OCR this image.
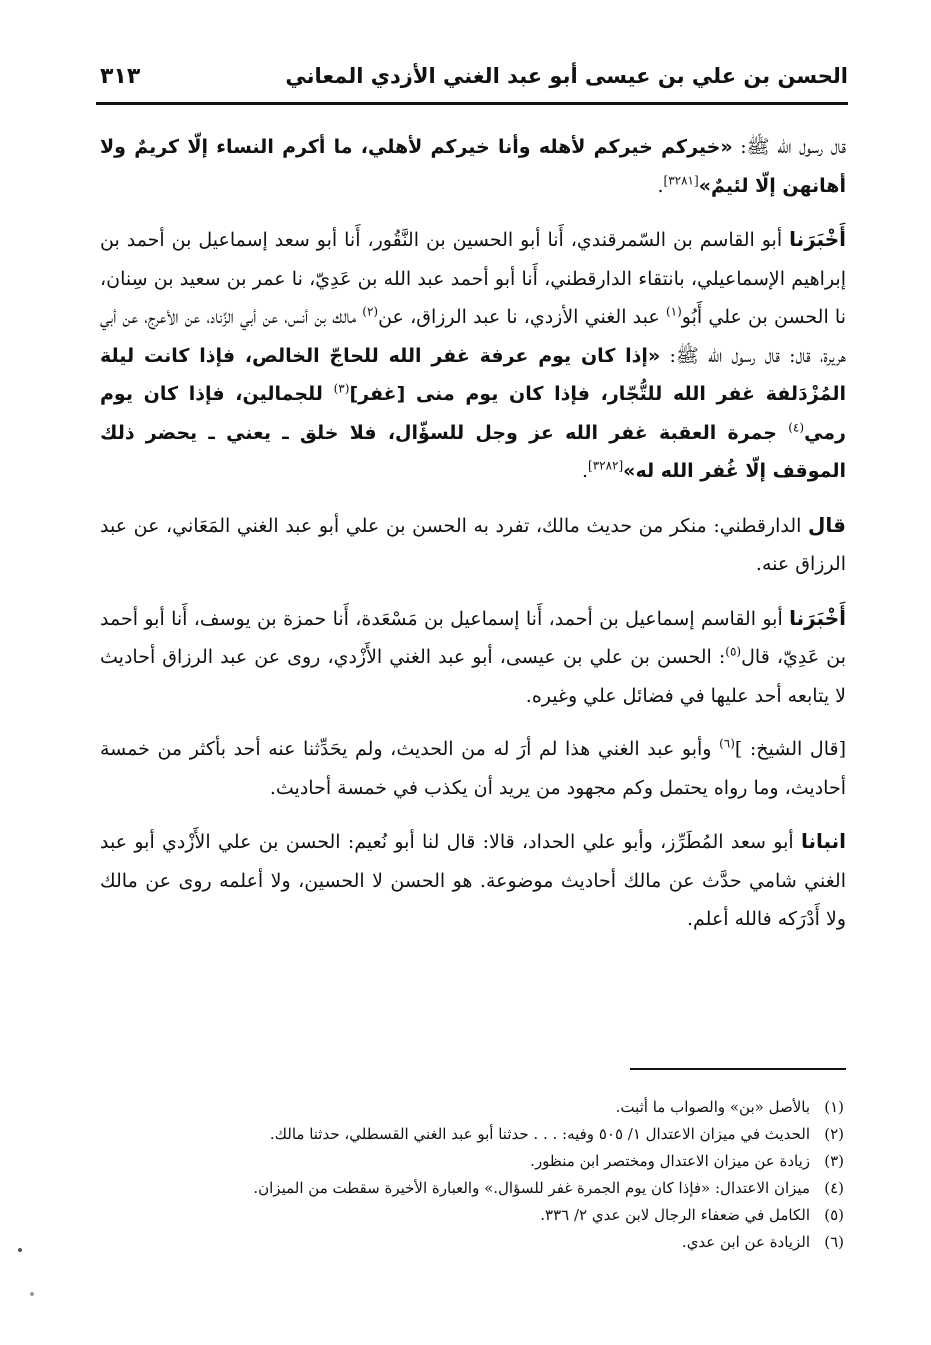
الحسن بن علي بن عيسى أبو عبد الغني الأزدي المعاني
٣١٣

قال رسول الله ﷺ: «خيركم خيركم لأهله وأنا خيركم لأهلي، ما أكرم النساء إلّا كريمٌ ولا أهانهن إلّا لئيمٌ»[٣٢٨١].

أَخْبَرَنا أبو القاسم بن السّمرقندي، أَنا أبو الحسين بن النَّقُور، أَنا أبو سعد إسماعيل بن أحمد بن إبراهيم الإسماعيلي، بانتقاء الدارقطني، أَنا أبو أحمد عبد الله بن عَدِيّ، نا عمر بن سعيد بن سِنان، نا الحسن بن علي أَبُو$^{(١)}$ عبد الغني الأزدي، نا عبد الرزاق، عن$^{(٢)}$ مالك بن أنس، عن أبي الزِّناد، عن الأعرج، عن أبي هريرة، قال: قال رسول الله ﷺ: «إذا كان يوم عرفة غفر الله للحاجّ الخالص، فإذا كانت ليلة المُزْدَلفة غفر الله للتُّجّار، فإذا كان يوم منى [غفر]$^{(٣)}$ للجمالين، فإذا كان يوم رمي$^{(٤)}$ جمرة العقبة غفر الله عز وجل للسؤّال، فلا خلق ـ يعني ـ يحضر ذلك الموقف إلّا غُفر الله له»[٣٢٨٢].

قال الدارقطني: منكر من حديث مالك، تفرد به الحسن بن علي أبو عبد الغني المَعَاني، عن عبد الرزاق عنه.

أَخْبَرَنا أبو القاسم إسماعيل بن أحمد، أَنا إسماعيل بن مَسْعَدة، أَنا حمزة بن يوسف، أَنا أبو أحمد بن عَدِيّ، قال$^{(٥)}$: الحسن بن علي بن عيسى، أبو عبد الغني الأَزْدي، روى عن عبد الرزاق أحاديث لا يتابعه أحد عليها في فضائل علي وغيره.

[قال الشيخ: ]$^{(٦)}$ وأبو عبد الغني هذا لم أرَ له من الحديث، ولم يحَدِّثنا عنه أحد بأكثر من خمسة أحاديث، وما رواه يحتمل وكم مجهود من يريد أن يكذب في خمسة أحاديث.

انبانا أبو سعد المُطَرِّز، وأبو علي الحداد، قالا: قال لنا أبو نُعيم: الحسن بن علي الأَزْدي أبو عبد الغني شامي حدَّث عن مالك أحاديث موضوعة. هو الحسن لا الحسين، ولا أعلمه روى عن مالك ولا أَدْرَكه فالله أعلم.

(١)بالأصل «بن» والصواب ما أثبت.
(٢)الحديث في ميزان الاعتدال ١/ ٥٠٥ وفيه: . . . حدثنا أبو عبد الغني القسطلي، حدثنا مالك.
(٣)زيادة عن ميزان الاعتدال ومختصر ابن منظور.
(٤)ميزان الاعتدال: «فإذا كان يوم الجمرة غفر للسؤال.» والعبارة الأخيرة سقطت من الميزان.
(٥)الكامل في ضعفاء الرجال لابن عدي ٢/ ٣٣٦.
(٦)الزيادة عن ابن عدي.
